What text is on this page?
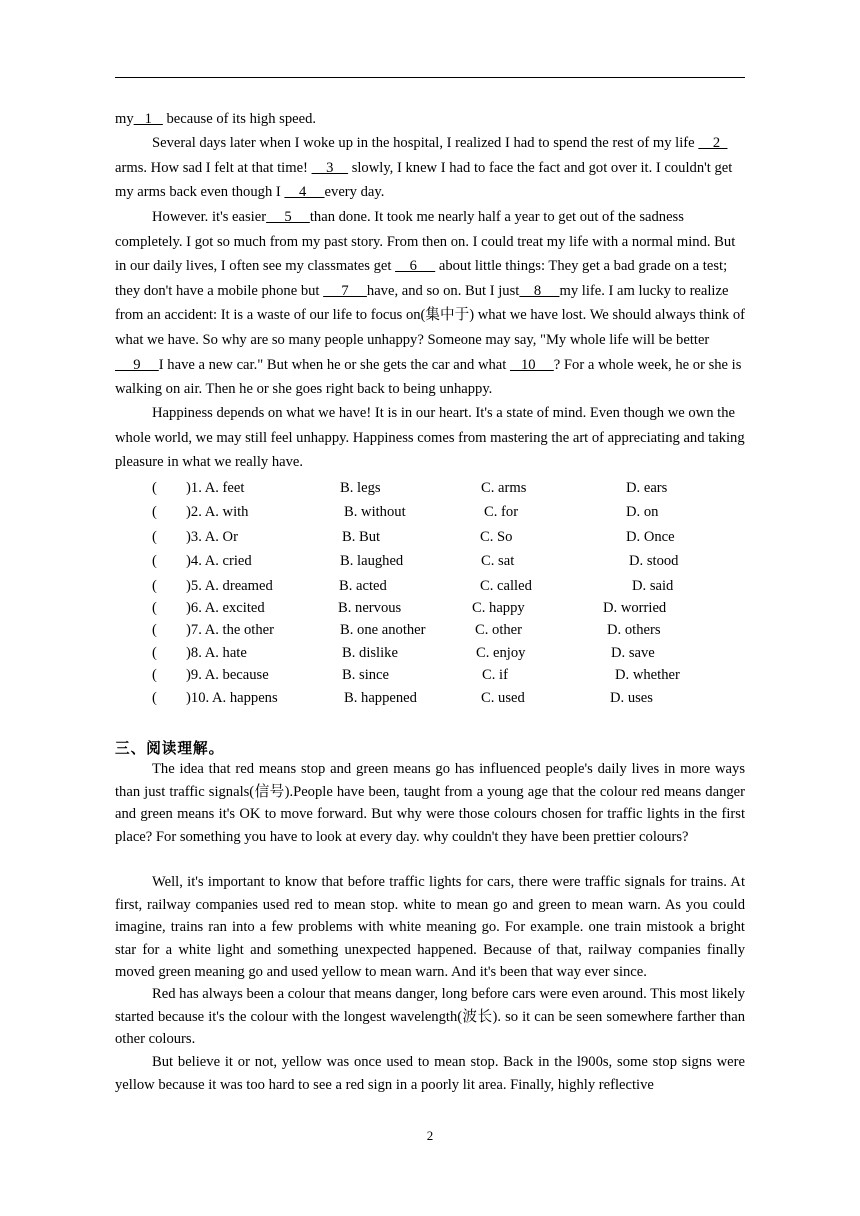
my   1    because of its high speed.

Several days later when I woke up in the hospital, I realized I had to spend the rest of my life     2   arms. How sad I felt at that time!     3     slowly, I knew I had to face the fact and got over it. I couldn't get my arms back even though I     4     every day.

However. it's easier     5     than done. It took me nearly half a year to get out of the sadness completely. I got so much from my past story. From then on. I could treat my life with a normal mind. But in our daily lives, I often see my classmates get     6      about little things: They get a bad grade on a test; they don't have a mobile phone but      7     have, and so on. But I just    8     my life. I am lucky to realize from an accident: It is a waste of our life to focus on(集中于) what we have lost. We should always think of what we have. So why are so many people unhappy? Someone may say, "My whole life will be better     9     I have a new car." But when he or she gets the car and what    10     ? For a whole week, he or she is walking on air. Then he or she goes right back to being unhappy.

Happiness depends on what we have! It is in our heart. It's a state of mind. Even though we own the whole world, we may still feel unhappy. Happiness comes from mastering the art of appreciating and taking pleasure in what we really have.

(        )1. A. feet	B. legs	C. arms	D. ears
(        )2. A. with	B. without	C. for	D. on
(        )3. A. Or	B. But	C. So	D. Once
(        )4. A. cried	B. laughed	C. sat	D. stood
(        )5. A. dreamed	B. acted	C. called	D. said
(        )6. A. excited	B. nervous	C. happy	D. worried
(        )7. A. the other	B. one another	C. other	D. others
(        )8. A. hate	B. dislike	C. enjoy	D. save
(        )9. A. because	B. since	C. if	D. whether
(        )10. A. happens	B. happened	C. used	D. uses
三、阅读理解。

The idea that red means stop and green means go has influenced people's daily lives in more ways than just traffic signals(信号).People have been, taught from a young age that the colour red means danger and green means it's OK to move forward. But why were those colours chosen for traffic lights in the first place? For something you have to look at every day. why couldn't they have been prettier colours?

Well, it's important to know that before traffic lights for cars, there were traffic signals for trains. At first, railway companies used red to mean stop. white to mean go and green to mean warn. As you could imagine, trains ran into a few problems with white meaning go. For example. one train mistook a bright star for a white light and something unexpected happened. Because of that, railway companies finally moved green meaning go and used yellow to mean warn. And it's been that way ever since.

Red has always been a colour that means danger, long before cars were even around. This most likely started because it's the colour with the longest wavelength(波长). so it can be seen somewhere farther than other colours.

But believe it or not, yellow was once used to mean stop. Back in the l900s, some stop signs were yellow because it was too hard to see a red sign in a poorly lit area. Finally, highly reflective

2
